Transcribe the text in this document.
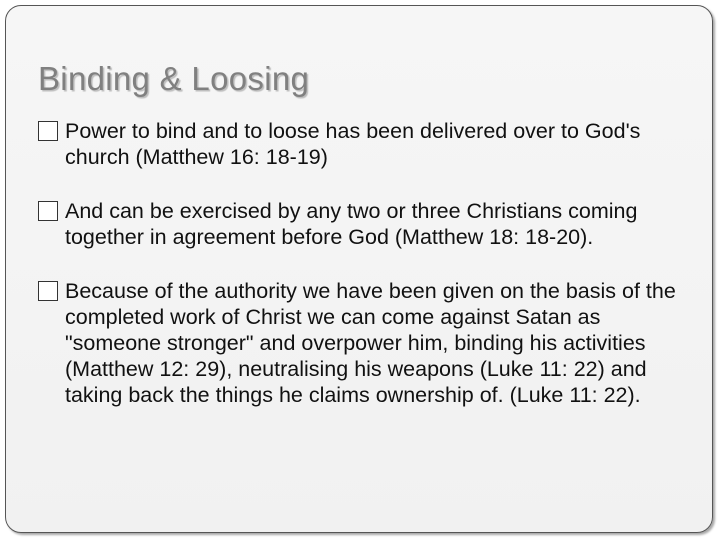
Binding & Loosing
Power to bind and to loose has been delivered over to God's church (Matthew 16: 18-19)
And can be exercised by any two or three Christians coming together in agreement before God (Matthew 18: 18-20).
Because of the authority we have been given on the basis of the completed work of Christ we can come against Satan as "someone stronger" and overpower him, binding his activities (Matthew 12: 29), neutralising his weapons (Luke 11: 22) and taking back the things he claims ownership of. (Luke 11: 22).
